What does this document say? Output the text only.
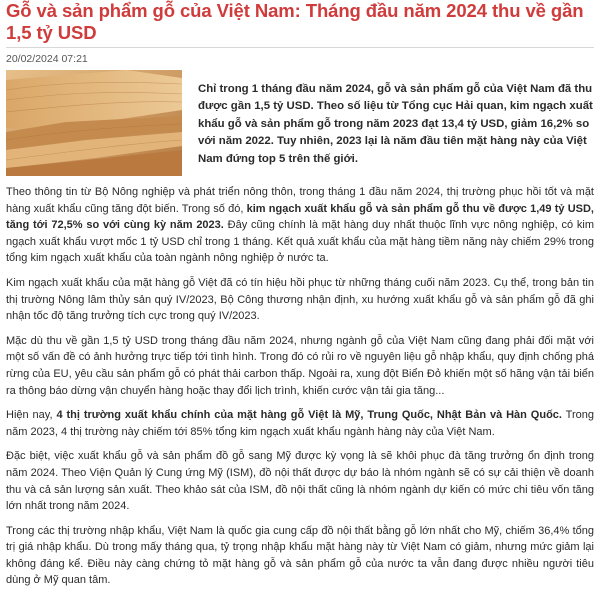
Gỗ và sản phẩm gỗ của Việt Nam: Tháng đầu năm 2024 thu về gần 1,5 tỷ USD
20/02/2024 07:21

Chỉ trong 1 tháng đầu năm 2024, gỗ và sản phẩm gỗ của Việt Nam đã thu được gần 1,5 tỷ USD. Theo số liệu từ Tổng cục Hải quan, kim ngạch xuất khẩu gỗ và sản phẩm gỗ trong năm 2023 đạt 13,4 tỷ USD, giảm 16,2% so với năm 2022. Tuy nhiên, 2023 lại là năm đầu tiên mặt hàng này của Việt Nam đứng top 5 trên thế giới.

Theo thông tin từ Bộ Nông nghiệp và phát triển nông thôn, trong tháng 1 đầu năm 2024, thị trường phục hồi tốt và mặt hàng xuất khẩu cũng tăng đột biến. Trong số đó, kim ngạch xuất khẩu gỗ và sản phẩm gỗ thu về được 1,49 tỷ USD, tăng tới 72,5% so với cùng kỳ năm 2023. Đây cũng chính là mặt hàng duy nhất thuộc lĩnh vực nông nghiệp, có kim ngạch xuất khẩu vượt mốc 1 tỷ USD chỉ trong 1 tháng. Kết quả xuất khẩu của mặt hàng tiềm năng này chiếm 29% trong tổng kim ngạch xuất khẩu của toàn ngành nông nghiệp ở nước ta.

Kim ngạch xuất khẩu của mặt hàng gỗ Việt đã có tín hiệu hồi phục từ những tháng cuối năm 2023. Cụ thể, trong bản tin thị trường Nông lâm thủy sản quý IV/2023, Bộ Công thương nhận định, xu hướng xuất khẩu gỗ và sản phẩm gỗ đã ghi nhận tốc độ tăng trưởng tích cực trong quý IV/2023.

Mặc dù thu về gần 1,5 tỷ USD trong tháng đầu năm 2024, nhưng ngành gỗ của Việt Nam cũng đang phải đối mặt với một số vấn đề có ảnh hưởng trực tiếp tới tình hình. Trong đó có rủi ro về nguyên liệu gỗ nhập khẩu, quy định chống phá rừng của EU, yêu cầu sản phẩm gỗ có phát thải carbon thấp. Ngoài ra, xung đột Biển Đỏ khiến một số hãng vận tải biển ra thông báo dừng vận chuyển hàng hoặc thay đổi lịch trình, khiến cước vận tải gia tăng...

Hiện nay, 4 thị trường xuất khẩu chính của mặt hàng gỗ Việt là Mỹ, Trung Quốc, Nhật Bản và Hàn Quốc. Trong năm 2023, 4 thị trường này chiếm tới 85% tổng kim ngạch xuất khẩu ngành hàng này của Việt Nam.

Đặc biệt, việc xuất khẩu gỗ và sản phẩm đồ gỗ sang Mỹ được kỳ vọng là sẽ khôi phục đà tăng trưởng ổn định trong năm 2024. Theo Viện Quản lý Cung ứng Mỹ (ISM), đồ nội thất được dự báo là nhóm ngành sẽ có sự cải thiện về doanh thu và cả sản lượng sản xuất. Theo khảo sát của ISM, đồ nội thất cũng là nhóm ngành dự kiến có mức chi tiêu vốn tăng lớn nhất trong năm 2024.

Trong các thị trường nhập khẩu, Việt Nam là quốc gia cung cấp đồ nội thất bằng gỗ lớn nhất cho Mỹ, chiếm 36,4% tổng trị giá nhập khẩu. Dù trong mấy tháng qua, tỷ trọng nhập khẩu mặt hàng này từ Việt Nam có giảm, nhưng mức giảm lại không đáng kể. Điều này càng chứng tỏ mặt hàng gỗ và sản phẩm gỗ của nước ta vẫn đang được nhiều người tiêu dùng ở Mỹ quan tâm.
